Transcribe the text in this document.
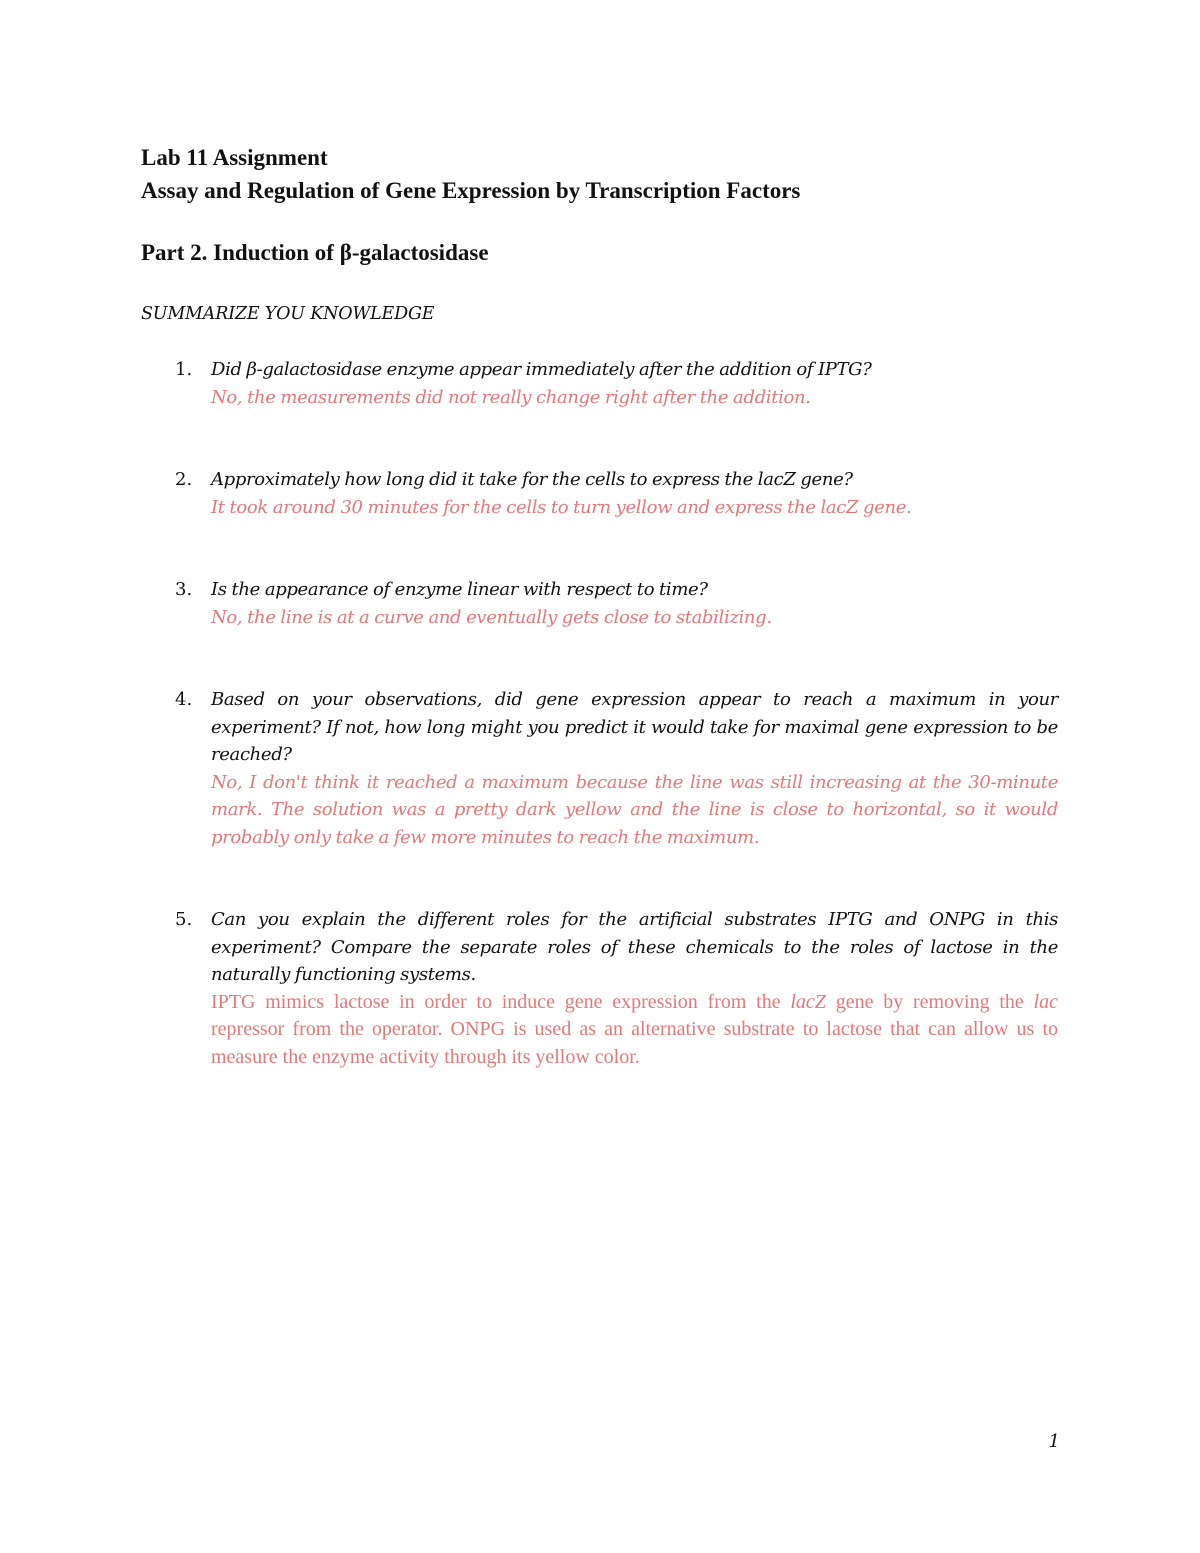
Lab 11 Assignment
Assay and Regulation of Gene Expression by Transcription Factors
Part 2. Induction of β-galactosidase

SUMMARIZE YOU KNOWLEDGE

1. Did β-galactosidase enzyme appear immediately after the addition of IPTG?

No, the measurements did not really change right after the addition.

2. Approximately how long did it take for the cells to express the lacZ gene?

It took around 30 minutes for the cells to turn yellow and express the lacZ gene.

3. Is the appearance of enzyme linear with respect to time?

No, the line is at a curve and eventually gets close to stabilizing.

4. Based on your observations, did gene expression appear to reach a maximum in your experiment? If not, how long might you predict it would take for maximal gene expression to be reached?

No, I don't think it reached a maximum because the line was still increasing at the 30-minute mark. The solution was a pretty dark yellow and the line is close to horizontal, so it would probably only take a few more minutes to reach the maximum.

5. Can you explain the different roles for the artificial substrates IPTG and ONPG in this experiment? Compare the separate roles of these chemicals to the roles of lactose in the naturally functioning systems.

IPTG mimics lactose in order to induce gene expression from the lacZ gene by removing the lac repressor from the operator. ONPG is used as an alternative substrate to lactose that can allow us to measure the enzyme activity through its yellow color.

1
